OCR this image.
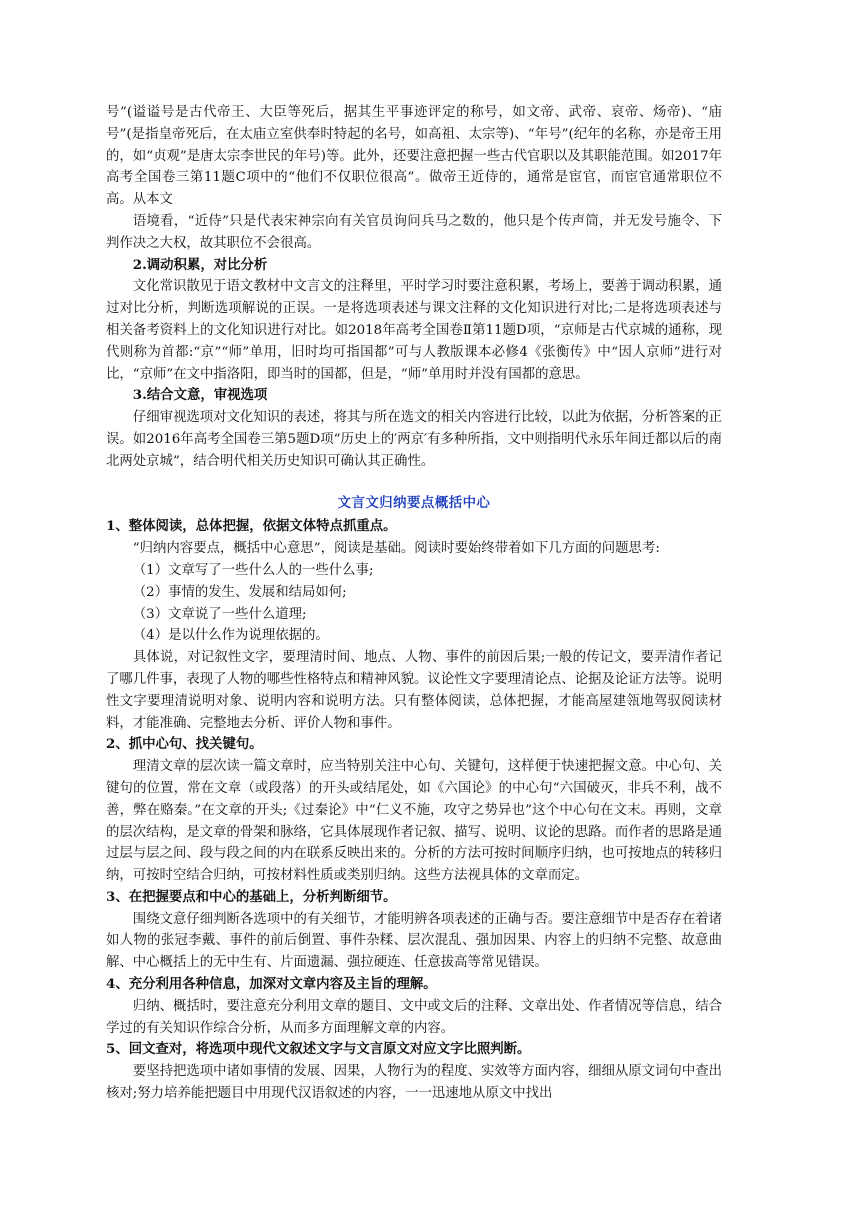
号”(谥谥号是古代帝王、大臣等死后，据其生平事迹评定的称号，如文帝、武帝、哀帝、炀帝)、“庙号”(是指皇帝死后，在太庙立室供奉时特起的名号，如高祖、太宗等)、“年号”(纪年的名称，亦是帝王用的，如“贞观”是唐太宗李世民的年号)等。此外，还要注意把握一些古代官职以及其职能范围。如2017年高考全国卷三第11题C项中的“他们不仅职位很高”。做帝王近侍的，通常是宦官，而宦官通常职位不高。从本文

语境看，“近侍”只是代表宋神宗向有关官员询问兵马之数的，他只是个传声筒，并无发号施令、下判作决之大权，故其职位不会很高。

2.调动积累，对比分析

文化常识散见于语文教材中文言文的注释里，平时学习时要注意积累，考场上，要善于调动积累，通过对比分析，判断选项解说的正误。一是将选项表述与课文注释的文化知识进行对比;二是将选项表述与相关备考资料上的文化知识进行对比。如2018年高考全国卷Ⅱ第11题D项，“京师是古代京城的通称，现代则称为首都:“京”“师”单用，旧时均可指国都”可与人教版课本必修4《张衡传》中“因人京师”进行对比，“京师”在文中指洛阳，即当时的国都，但是，“师”单用时并没有国都的意思。

3.结合文意，审视选项

仔细审视选项对文化知识的表述，将其与所在选文的相关内容进行比较，以此为依据，分析答案的正误。如2016年高考全国卷三第5题D项“历史上的′两京′有多种所指，文中则指明代永乐年间迁都以后的南北两处京城”，结合明代相关历史知识可确认其正确性。

文言文归纳要点概括中心

1、整体阅读，总体把握，依据文体特点抓重点。

“归纳内容要点，概括中心意思”，阅读是基础。阅读时要始终带着如下几方面的问题思考:

（1）文章写了一些什么人的一些什么事;

（2）事情的发生、发展和结局如何;

（3）文章说了一些什么道理;

（4）是以什么作为说理依据的。

具体说，对记叙性文字，要理清时间、地点、人物、事件的前因后果;一般的传记文，要弄清作者记了哪几件事，表现了人物的哪些性格特点和精神风貌。议论性文字要理清论点、论据及论证方法等。说明性文字要理清说明对象、说明内容和说明方法。只有整体阅读，总体把握，才能高屋建瓴地驾驭阅读材料，才能准确、完整地去分析、评价人物和事件。

2、抓中心句、找关键句。

理清文章的层次读一篇文章时，应当特别关注中心句、关键句，这样便于快速把握文意。中心句、关键句的位置，常在文章（或段落）的开头或结尾处，如《六国论》的中心句“六国破灭，非兵不利，战不善，弊在赂秦。”在文章的开头;《过秦论》中“仁义不施，攻守之势异也”这个中心句在文末。再则，文章的层次结构，是文章的骨架和脉络，它具体展现作者记叙、描写、说明、议论的思路。而作者的思路是通过层与层之间、段与段之间的内在联系反映出来的。分析的方法可按时间顺序归纳，也可按地点的转移归纳，可按时空结合归纳，可按材料性质或类别归纳。这些方法视具体的文章而定。

3、在把握要点和中心的基础上，分析判断细节。

围绕文意仔细判断各选项中的有关细节，才能明辨各项表述的正确与否。要注意细节中是否存在着诸如人物的张冠李戴、事件的前后倒置、事件杂糅、层次混乱、强加因果、内容上的归纳不完整、故意曲解、中心概括上的无中生有、片面遗漏、强拉硬连、任意拔高等常见错误。

4、充分利用各种信息，加深对文章内容及主旨的理解。

归纳、概括时，要注意充分利用文章的题目、文中或文后的注释、文章出处、作者情况等信息，结合学过的有关知识作综合分析，从而多方面理解文章的内容。

5、回文查对，将选项中现代文叙述文字与文言原文对应文字比照判断。

要坚持把选项中诸如事情的发展、因果，人物行为的程度、实效等方面内容，细细从原文词句中查出核对;努力培养能把题目中用现代汉语叙述的内容，一一迅速地从原文中找出
